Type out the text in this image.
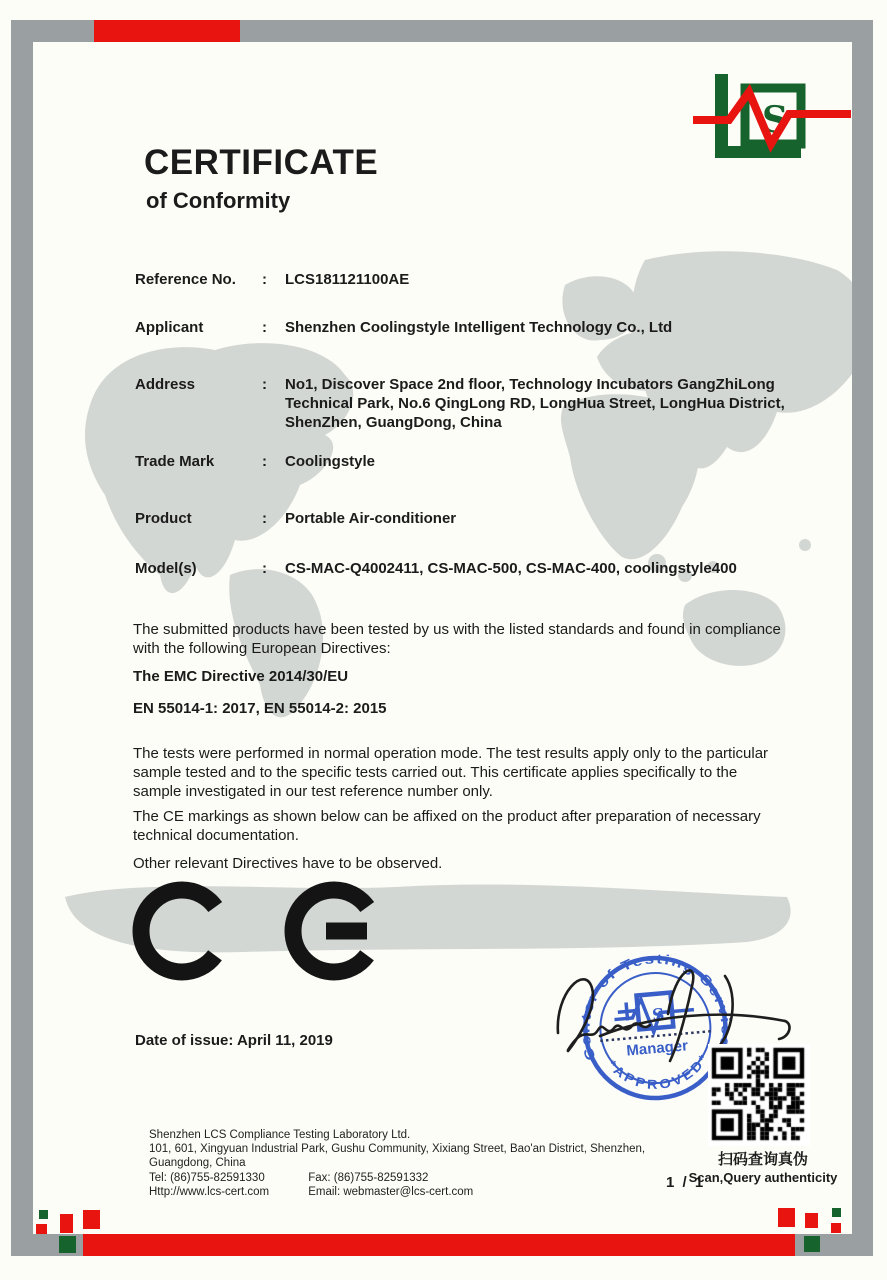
S
CERTIFICATE
of Conformity
Reference No.	:	LCS181121100AE
Applicant	:	Shenzhen Coolingstyle Intelligent Technology Co., Ltd
Address	:	No1, Discover Space 2nd floor, Technology Incubators GangZhiLong
Technical Park, No.6 QingLong RD, LongHua Street, LongHua District,
ShenZhen, GuangDong, China
Trade Mark	:	Coolingstyle
Product	:	Portable Air-conditioner
Model(s)	:	CS-MAC-Q4002411, CS-MAC-500, CS-MAC-400, coolingstyle400
The submitted products have been tested by us with the listed standards and found in compliance with the following European Directives:
The EMC Directive 2014/30/EU
EN 55014-1: 2017, EN 55014-2: 2015
The tests were performed in normal operation mode. The test results apply only to the particular sample tested and to the specific tests carried out. This certificate applies specifically to the sample investigated in our test reference number only.
The CE markings as shown below can be affixed on the product after preparation of necessary technical documentation.
Other relevant Directives have to be observed.
Date of issue: April 11, 2019
Center of Testing Service
*APPROVED*
Manager
S
扫码查询真伪
Scan,Query authenticity
Shenzhen LCS Compliance Testing Laboratory Ltd.
101, 601, Xingyuan Industrial Park, Gushu Community, Xixiang Street, Bao'an District, Shenzhen,
Guangdong, China
Tel: (86)755-82591330	Fax: (86)755-82591332
Http://www.lcs-cert.com	Email: webmaster@lcs-cert.com
1 / 1
